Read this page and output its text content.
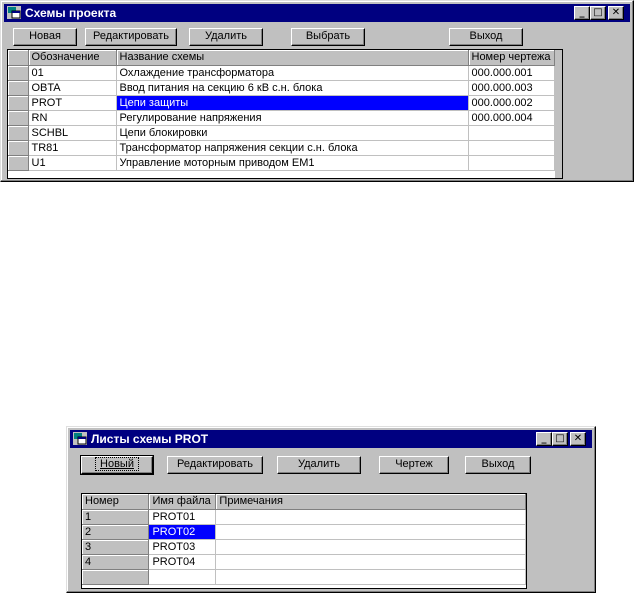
Схемы проекта	_ □ ✕
Новая	Редактировать	Удалить	Выбрать	Выход
	Обозначение	Название схемы	Номер чертежа
	01	Охлаждение трансформатора	000.000.001
	OBTA	Ввод питания на секцию 6 кВ с.н. блока	000.000.003
	PROT	Цепи защиты	000.000.002
	RN	Регулирование напряжения	000.000.004
	SCHBL	Цепи блокировки	
	TR81	Трансформатор напряжения секции с.н. блока	
	U1	Управление моторным приводом ЕМ1	
Листы схемы PROT	_ □ ✕
Новый	Редактировать	Удалить	Чертеж	Выход
Номер	Имя файла	Примечания
1	PROT01	
2	PROT02	
3	PROT03	
4	PROT04	
